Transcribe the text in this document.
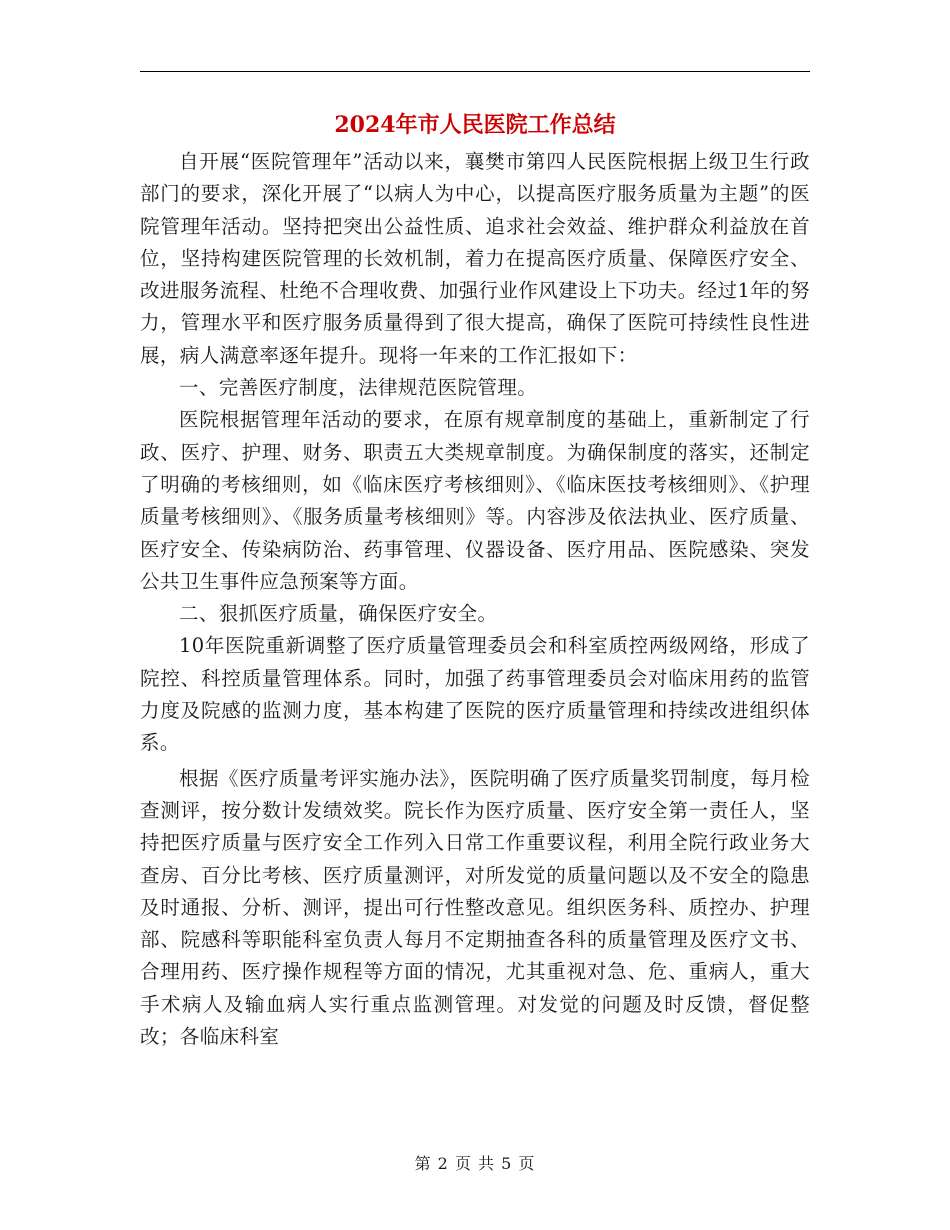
2024年市人民医院工作总结

自开展“医院管理年”活动以来，襄樊市第四人民医院根据上级卫生行政部门的要求，深化开展了“以病人为中心，以提高医疗服务质量为主题”的医院管理年活动。坚持把突出公益性质、追求社会效益、维护群众利益放在首位，坚持构建医院管理的长效机制，着力在提高医疗质量、保障医疗安全、改进服务流程、杜绝不合理收费、加强行业作风建设上下功夫。经过1年的努力，管理水平和医疗服务质量得到了很大提高，确保了医院可持续性良性进展，病人满意率逐年提升。现将一年来的工作汇报如下：

一、完善医疗制度，法律规范医院管理。

医院根据管理年活动的要求，在原有规章制度的基础上，重新制定了行政、医疗、护理、财务、职责五大类规章制度。为确保制度的落实，还制定了明确的考核细则，如《临床医疗考核细则》、《临床医技考核细则》、《护理质量考核细则》、《服务质量考核细则》等。内容涉及依法执业、医疗质量、医疗安全、传染病防治、药事管理、仪器设备、医疗用品、医院感染、突发公共卫生事件应急预案等方面。

二、狠抓医疗质量，确保医疗安全。

10年医院重新调整了医疗质量管理委员会和科室质控两级网络，形成了院控、科控质量管理体系。同时，加强了药事管理委员会对临床用药的监管力度及院感的监测力度，基本构建了医院的医疗质量管理和持续改进组织体系。

根据《医疗质量考评实施办法》，医院明确了医疗质量奖罚制度，每月检查测评，按分数计发绩效奖。院长作为医疗质量、医疗安全第一责任人，坚持把医疗质量与医疗安全工作列入日常工作重要议程，利用全院行政业务大查房、百分比考核、医疗质量测评，对所发觉的质量问题以及不安全的隐患及时通报、分析、测评，提出可行性整改意见。组织医务科、质控办、护理部、院感科等职能科室负责人每月不定期抽查各科的质量管理及医疗文书、合理用药、医疗操作规程等方面的情况，尤其重视对急、危、重病人，重大手术病人及输血病人实行重点监测管理。对发觉的问题及时反馈，督促整改；各临床科室

第 2 页 共 5 页
